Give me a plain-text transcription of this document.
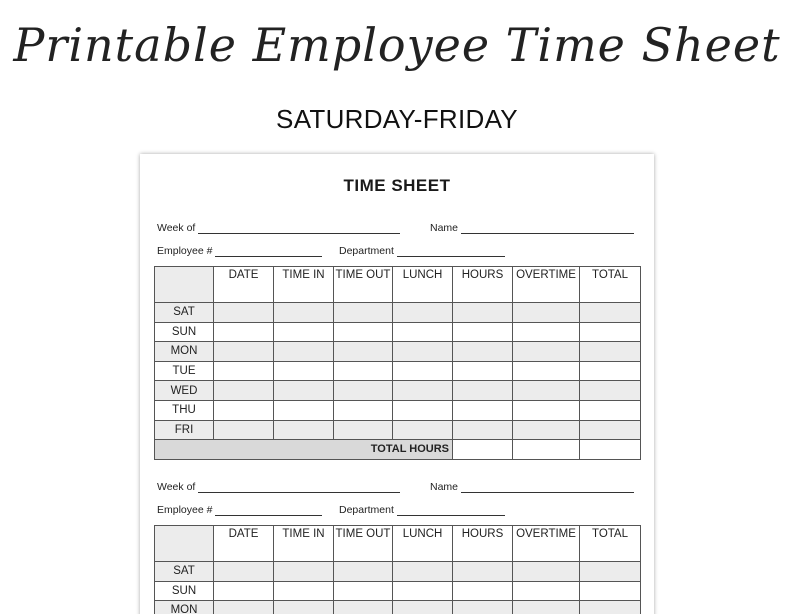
Printable Employee Time Sheet
SATURDAY-FRIDAY
TIME SHEET
Week of	Name
Employee #	Department
	DATE	TIME IN	TIME OUT	LUNCH	HOURS	OVERTIME	TOTAL
SAT							
SUN							
MON							
TUE							
WED							
THU							
FRI							
TOTAL HOURS							
Week of	Name
Employee #	Department
	DATE	TIME IN	TIME OUT	LUNCH	HOURS	OVERTIME	TOTAL
SAT							
SUN							
MON							
